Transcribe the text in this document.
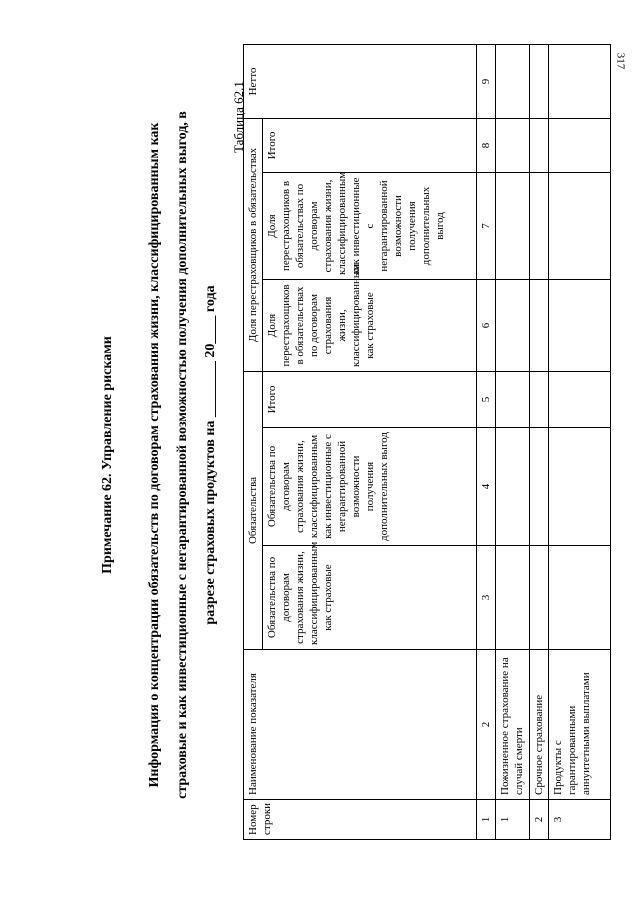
317
Примечание 62. Управление рисками	Информация о концентрации обязательств по договорам страхования жизни, классифицированным как страховые и как инвестиционные с негарантированной возможностью получения дополнительных выгод, в разрезе страховых продуктов на ________ 20____ года
Таблица 62.1
Номер строки	Наименование показателя	Обязательства			Доля перестраховщиков в обязательствах			Нетто
		Обязательства по договорам страхования жизни, классифицированным как страховые	Обязательства по договорам страхования жизни, классифицированным как инвестиционные с негарантированной возможности получения дополнительных выгод	Итого	Доля перестрахощиков в обязательствах по договорам страхования жизни, классифицированным как страховые	Доля перестрахощиков в обязательствах по договорам страхования жизни, классифицированным как инвестиционные с негарантированной возможности получения дополнительных выгод	Итого	
1	2	3	4	5	6	7	8	9
1	Пожизненное страхование на случай смерти							
2	Срочное страхование							
3	Продукты с гарантированными аннуитетными выплатами							
